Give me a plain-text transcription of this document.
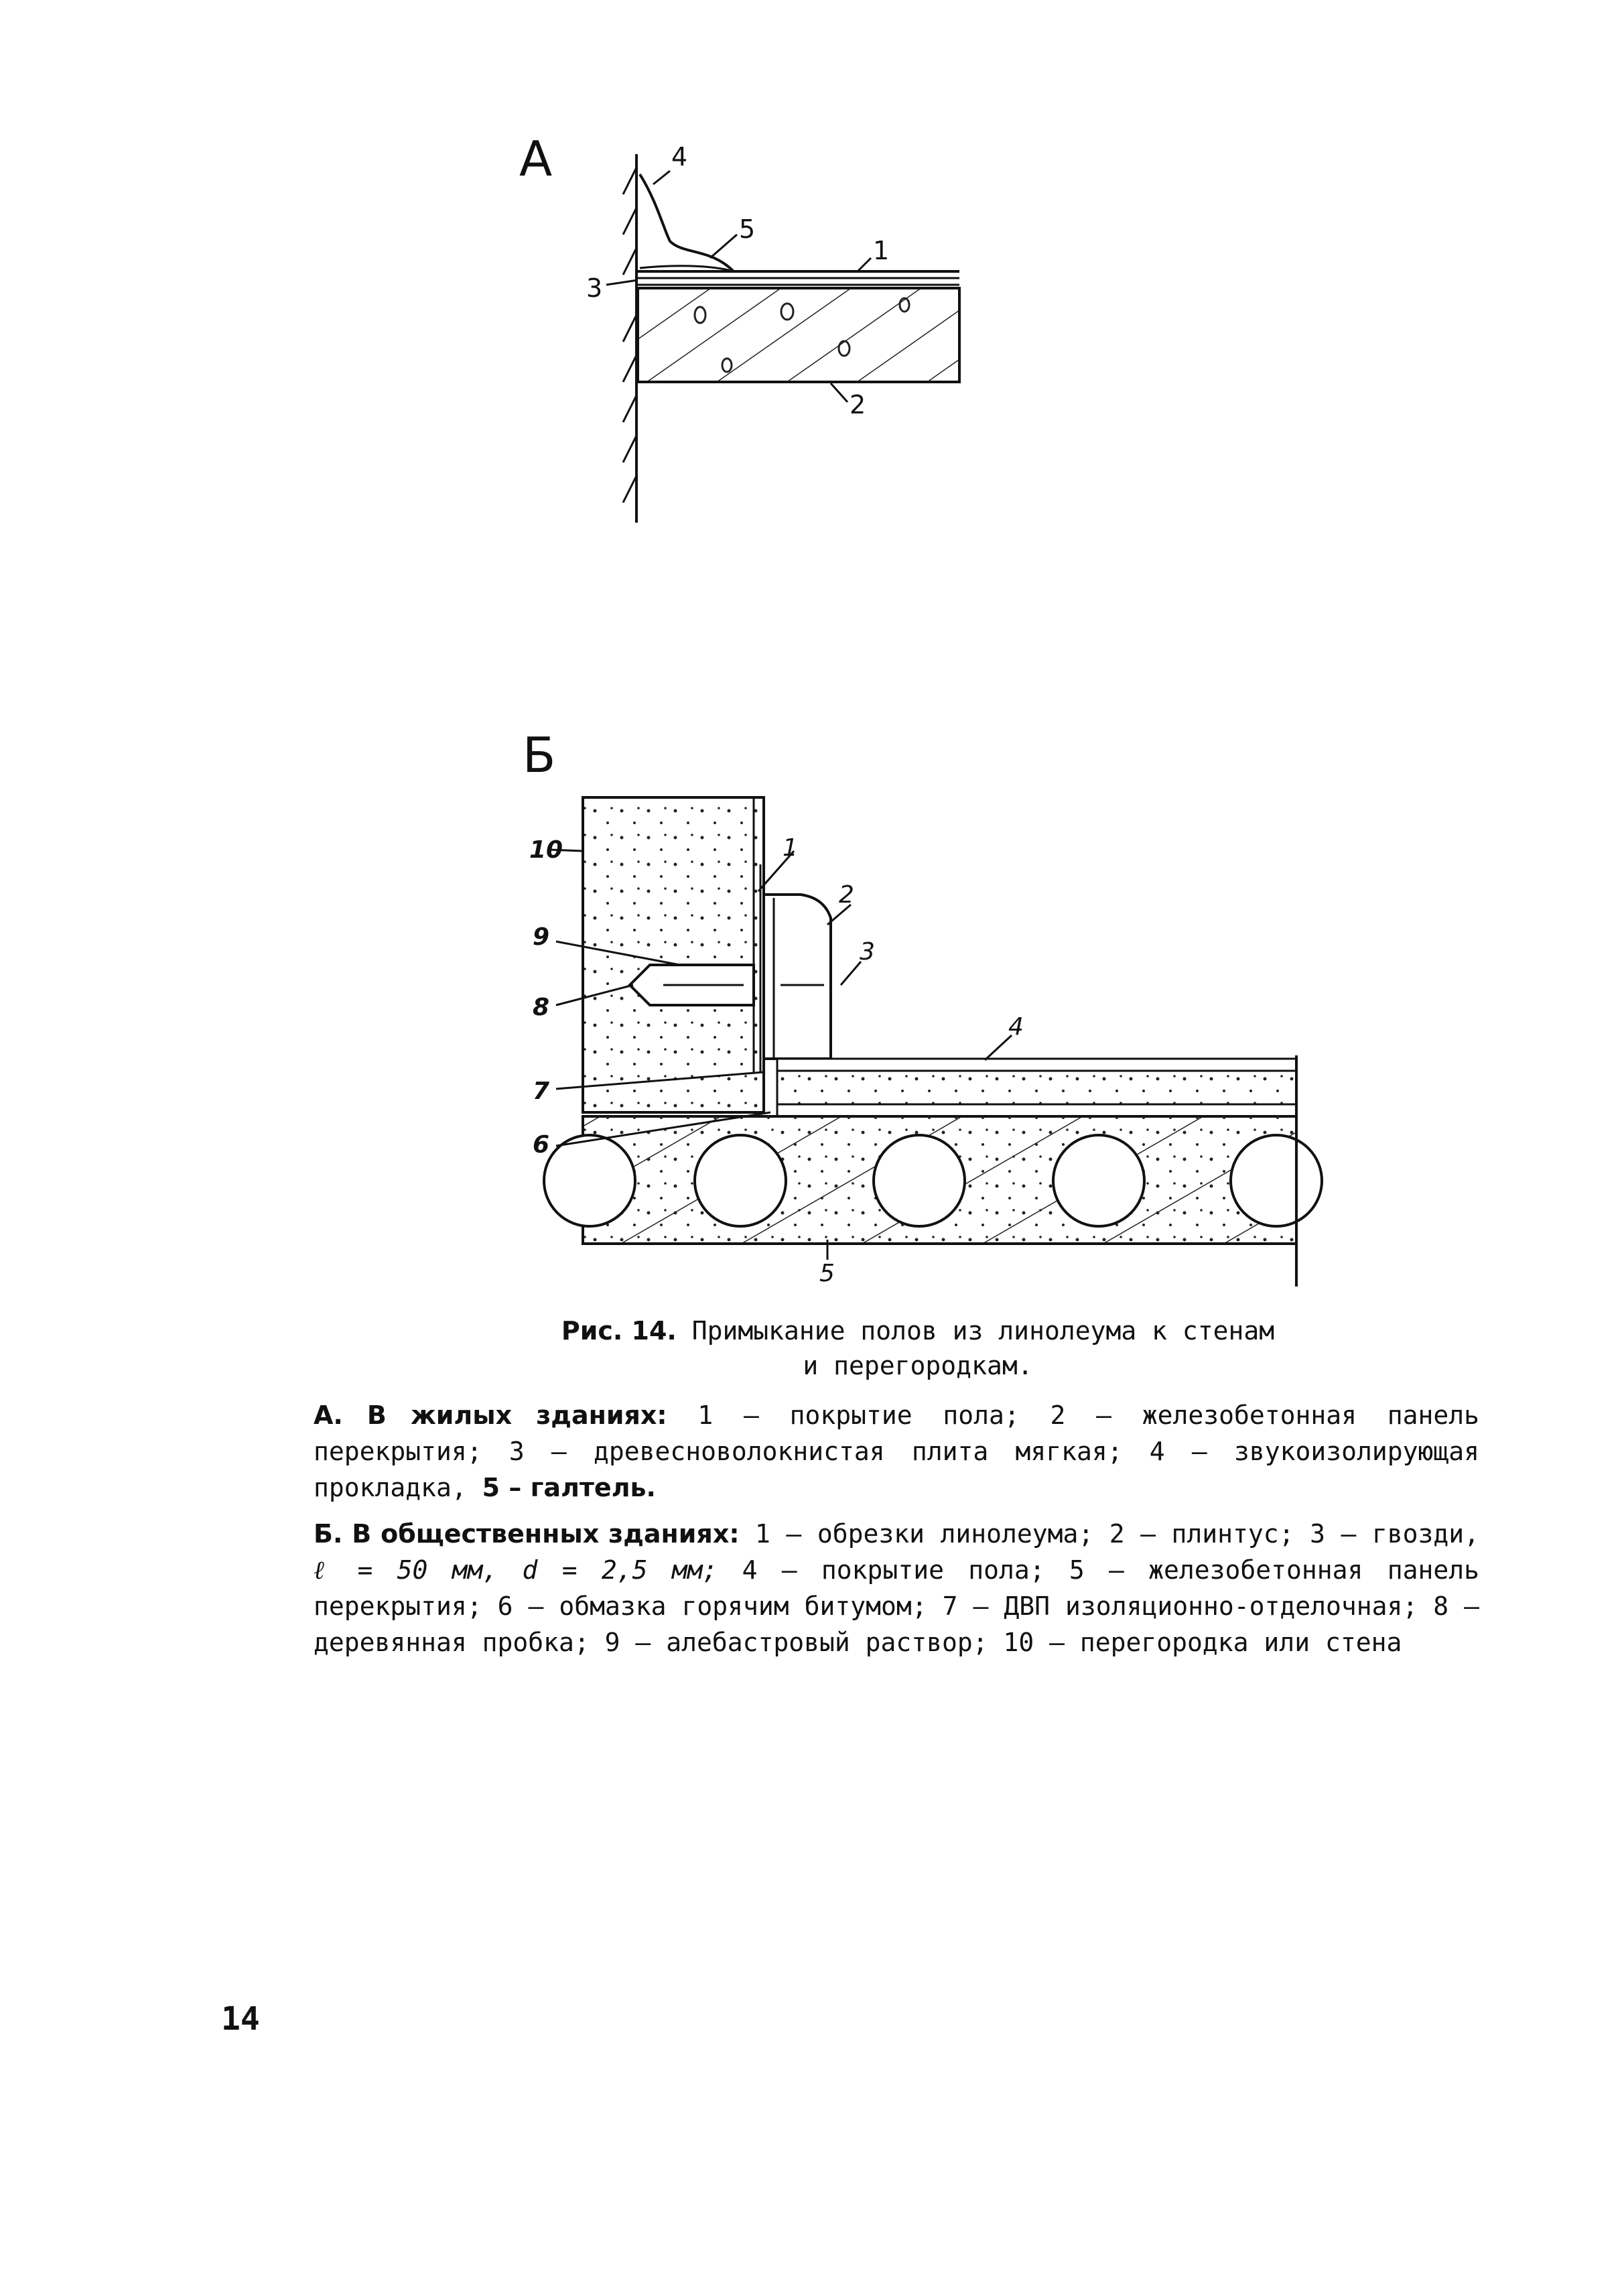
А	4
5
1
3
2
Б
10
9
8
7
6
1
2
3
4
5
Рис. 14. Примыкание полов из линолеума к стенам
и перегородкам.
А. В жилых зданиях: 1 – покрытие пола; 2 – железобетонная панель перекрытия; 3 – древесноволокнистая плита мягкая; 4 – звукоизолирующая прокладка, 5 – галтель.
Б. В общественных зданиях: 1 – обрезки линолеума; 2 – плинтус; 3 – гвозди, ℓ = 50 мм, d = 2,5 мм; 4 – покрытие пола; 5 – железобетонная панель перекрытия; 6 – обмазка горячим битумом; 7 – ДВП изоляционно-отделочная; 8 – деревянная пробка; 9 – алебастровый раствор; 10 – перегородка или стена
14
